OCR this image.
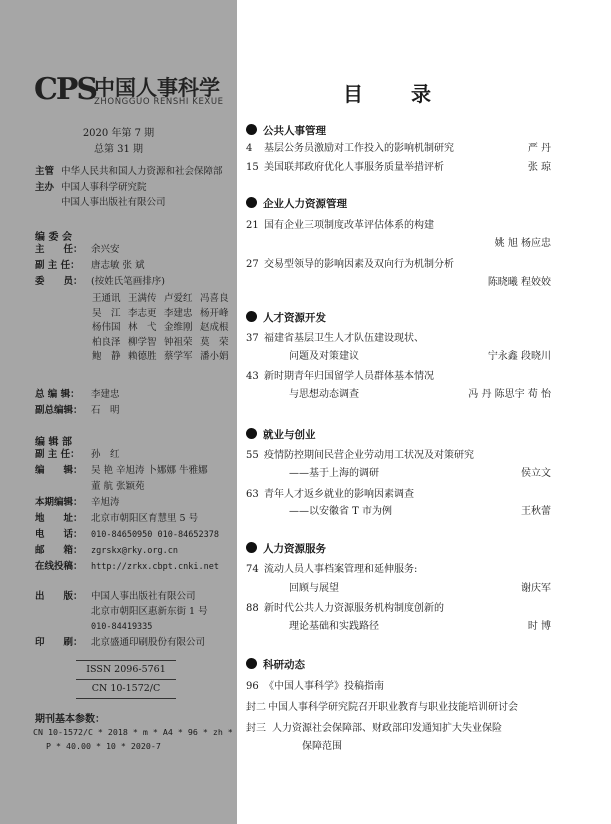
CPS
中国人事科学
ZHONGGUO RENSHI KEXUE
2020 年第 7 期
总第 31 期
主管 中华人民共和国人力资源和社会保障部
主办 中国人事科学研究院
中国人事出版社有限公司
编 委 会
主　　任： 余兴安
副 主 任： 唐志敏 张 斌
委　　员： (按姓氏笔画排序)
王通讯 王满传 卢爱红 冯喜良
吴　江 李志更 李建忠 杨开峰
杨伟国 林　弋 金维刚 赵成根
柏良泽 柳学智 钟祖荣 莫　荣
鲍　静 赖德胜 蔡学军 潘小娟
总 编 辑： 李建忠
副总编辑： 石　明
编 辑 部
副 主 任： 孙　红
编　　辑： 吴 艳 辛旭涛 卜娜娜 牛雅娜
董 航 张颖苑
本期编辑： 辛旭涛
地　　址： 北京市朝阳区育慧里 5 号
电　　话： 010-84650950 010-84652378
邮　　箱： zgrskx@rky.org.cn
在线投稿： http://zrkx.cbpt.cnki.net
出　　版： 中国人事出版社有限公司
北京市朝阳区惠新东街 1 号
010-84419335
印　　刷： 北京盛通印刷股份有限公司
ISSN 2096-5761
CN 10-1572/C
期刊基本参数：
CN 10-1572/C * 2018 * m * A4 * 96 * zh *
P * 40.00 * 10 * 2020-7
目录
公共人事管理
4 基层公务员激励对工作投入的影响机制研究	严 丹
15 美国联邦政府优化人事服务质量举措评析	张 琼
企业人力资源管理
21 国有企业三项制度改革评估体系的构建
姚 旭 杨应忠
27 交易型领导的影响因素及双向行为机制分析
陈晓曦 程姣姣
人才资源开发
37 福建省基层卫生人才队伍建设现状、
问题及对策建议	宁永鑫 段晓川
43 新时期青年归国留学人员群体基本情况
与思想动态调查	冯 丹 陈思宇 荀 怡
就业与创业
55 疫情防控期间民营企业劳动用工状况及对策研究
——基于上海的调研	侯立文
63 青年人才返乡就业的影响因素调查
——以安徽省 T 市为例	王秋蕾
人力资源服务
74 流动人员人事档案管理和延伸服务:
回顾与展望	谢庆军
88 新时代公共人力资源服务机构制度创新的
理论基础和实践路径	时 博
科研动态
96 《中国人事科学》投稿指南
封二 中国人事科学研究院召开职业教育与职业技能培训研讨会
封三 人力资源社会保障部、财政部印发通知扩大失业保险
保障范围
